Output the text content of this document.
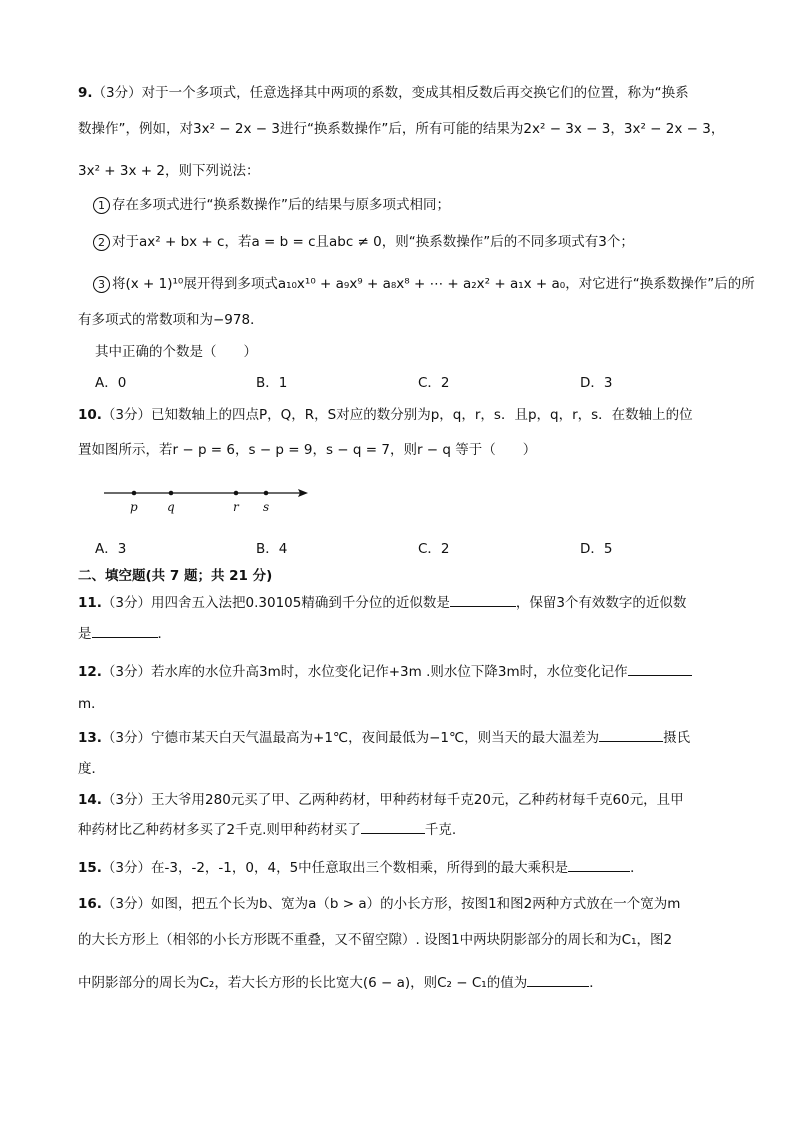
9.（3分）对于一个多项式，任意选择其中两项的系数，变成其相反数后再交换它们的位置，称为“换系
数操作”，例如，对3x² − 2x − 3进行“换系数操作”后，所有可能的结果为2x² − 3x − 3，3x² − 2x − 3，
3x² + 3x + 2，则下列说法：
1 存在多项式进行“换系数操作”后的结果与原多项式相同；
2 对于ax² + bx + c，若a = b = c且abc ≠ 0，则“换系数操作”后的不同多项式有3个；
3 将(x + 1)¹⁰展开得到多项式a₁₀x¹⁰ + a₉x⁹ + a₈x⁸ + ⋯ + a₂x² + a₁x + a₀，对它进行“换系数操作”后的所
有多项式的常数项和为−978．
其中正确的个数是（　　）
A．0	B．1	C．2	D．3
10.（3分）已知数轴上的四点P，Q，R，S对应的数分别为p，q，r，s．且p，q，r，s．在数轴上的位
置如图所示，若r − p = 6，s − p = 9，s − q = 7，则r − q 等于（　　）
p q	r s
A．3	B．4	C．2	D．5
二、填空题(共 7 题；共 21 分)
11.（3分）用四舍五入法把0.30105精确到千分位的近似数是	，保留3个有效数字的近似数
是	．
12.（3分）若水库的水位升高3m时，水位变化记作+3m .则水位下降3m时，水位变化记作
m．
13.（3分）宁德市某天白天气温最高为+1℃，夜间最低为−1℃，则当天的最大温差为	摄氏
度．
14.（3分）王大爷用280元买了甲、乙两种药材，甲种药材每千克20元，乙种药材每千克60元，且甲
种药材比乙种药材多买了2千克.则甲种药材买了	千克.
15.（3分）在-3，-2，-1，0，4，5中任意取出三个数相乘，所得到的最大乘积是	．
16.（3分）如图，把五个长为b、宽为a（b > a）的小长方形，按图1和图2两种方式放在一个宽为m
的大长方形上（相邻的小长方形既不重叠，又不留空隙）. 设图1中两块阴影部分的周长和为C₁，图2
中阴影部分的周长为C₂，若大长方形的长比宽大(6 − a)，则C₂ − C₁的值为	．
